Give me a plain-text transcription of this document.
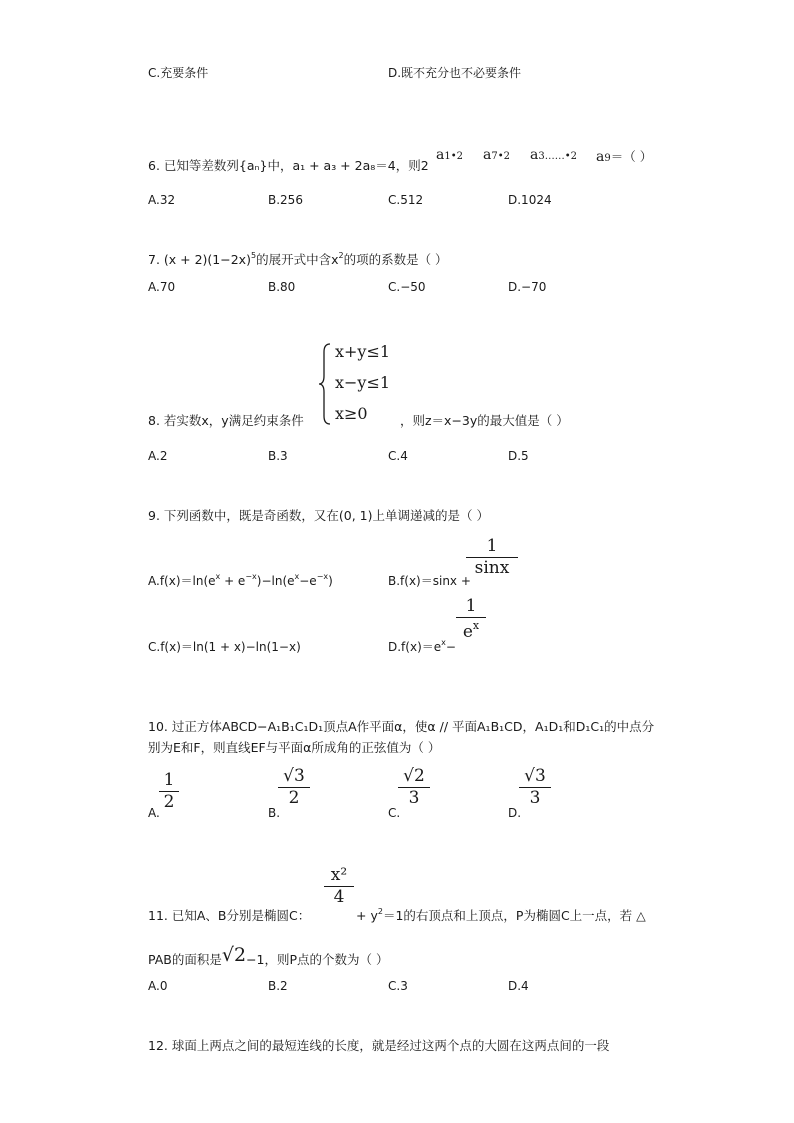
C.充要条件	D.既不充分也不必要条件
6. 已知等差数列{aₙ}中，a₁ + a₃ + 2a₈＝4，则2
a1•2 a7•2 a3……•2 a9＝（ ）
A.32	B.256	C.512	D.1024
7. $(x + 2)(1-2x)^5$的展开式中含$x^2$的项的系数是（ ）
A.70	B.80	C.−50	D.−70
8. 若实数x，y满足约束条件
x+y≤1
x−y≤1
x≥0	，则z＝x−3y的最大值是（ ）
A.2	B.3	C.4	D.5
9. 下列函数中，既是奇函数，又在(0, 1)上单调递减的是（ ）
$A.f(x)=\ln(e^x + e^{-x})-\ln(e^x-e^{-x})$	B.f(x)＝sinx +
1
sinx
C.f(x)＝ln(1 + x)−ln(1−x)	$D.f(x)=e^x-$
1
$e^x$
10. 过正方体ABCD−A₁B₁C₁D₁顶点A作平面α，使α // 平面A₁B₁CD，A₁D₁和D₁C₁的中点分
别为E和F，则直线EF与平面α所成角的正弦值为（ ）
A.
1
2
B.
√3
2
C.
√2
3
D.
√3
3
11. 已知A、B分别是椭圆C：
x²
4
+ $y^2=1$的右顶点和上顶点，P为椭圆C上一点，若 △
PAB的面积是√2−1，则P点的个数为（ ）
A.0	B.2	C.3	D.4
12. 球面上两点之间的最短连线的长度，就是经过这两个点的大圆在这两点间的一段
